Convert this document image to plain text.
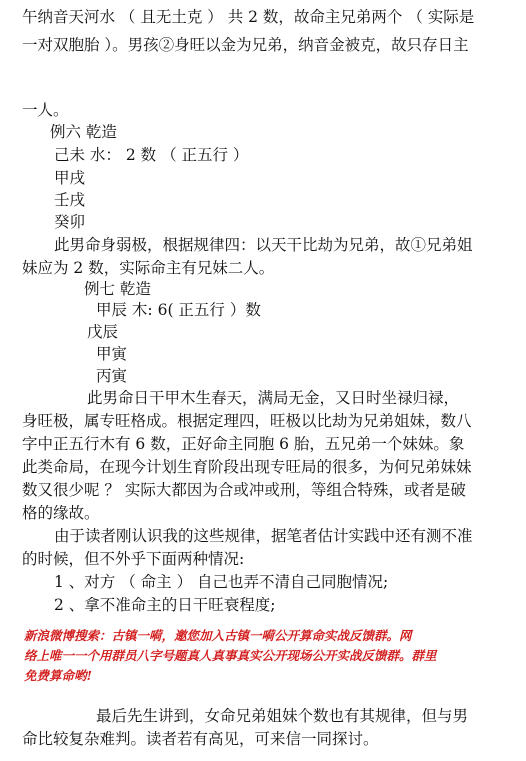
午纳音天河水 （ 且无土克 ） 共 2 数，故命主兄弟两个 （ 实际是
一对双胞胎 ）。男孩②身旺以金为兄弟，纳音金被克，故只存日主
一人。
例六 乾造
己未 水： 2 数 （ 正五行 ）
甲戌
壬戌
癸卯
此男命身弱极，根据规律四：以天干比劫为兄弟，故①兄弟姐
妹应为 2 数，实际命主有兄妹二人。
例七 乾造
甲辰 木: 6( 正五行 ）数
戊辰
甲寅
丙寅
此男命日干甲木生春天，满局无金，又日时坐禄归禄，
身旺极，属专旺格成。根据定理四，旺极以比劫为兄弟姐妹，数八
字中正五行木有 6 数，正好命主同胞 6 胎，五兄弟一个妹妹。象
此类命局，在现今计划生育阶段出现专旺局的很多，为何兄弟妹妹
数又很少呢 ？ 实际大都因为合或冲或刑，等组合特殊，或者是破
格的缘故。
由于读者刚认识我的这些规律，据笔者估计实践中还有测不准
的时候，但不外乎下面两种情况:
1 、对方 （ 命主 ） 自己也弄不清自己同胞情况;
2 、拿不准命主的日干旺衰程度;
新浪微博搜索：古镇一嗬，邀您加入古镇一嗬公开算命实战反馈群。网
络上唯一一个用群员八字号题真人真事真实公开现场公开实战反馈群。群里
免费算命哟!
最后先生讲到，女命兄弟姐妹个数也有其规律，但与男
命比较复杂难判。读者若有高见，可来信一同探讨。
